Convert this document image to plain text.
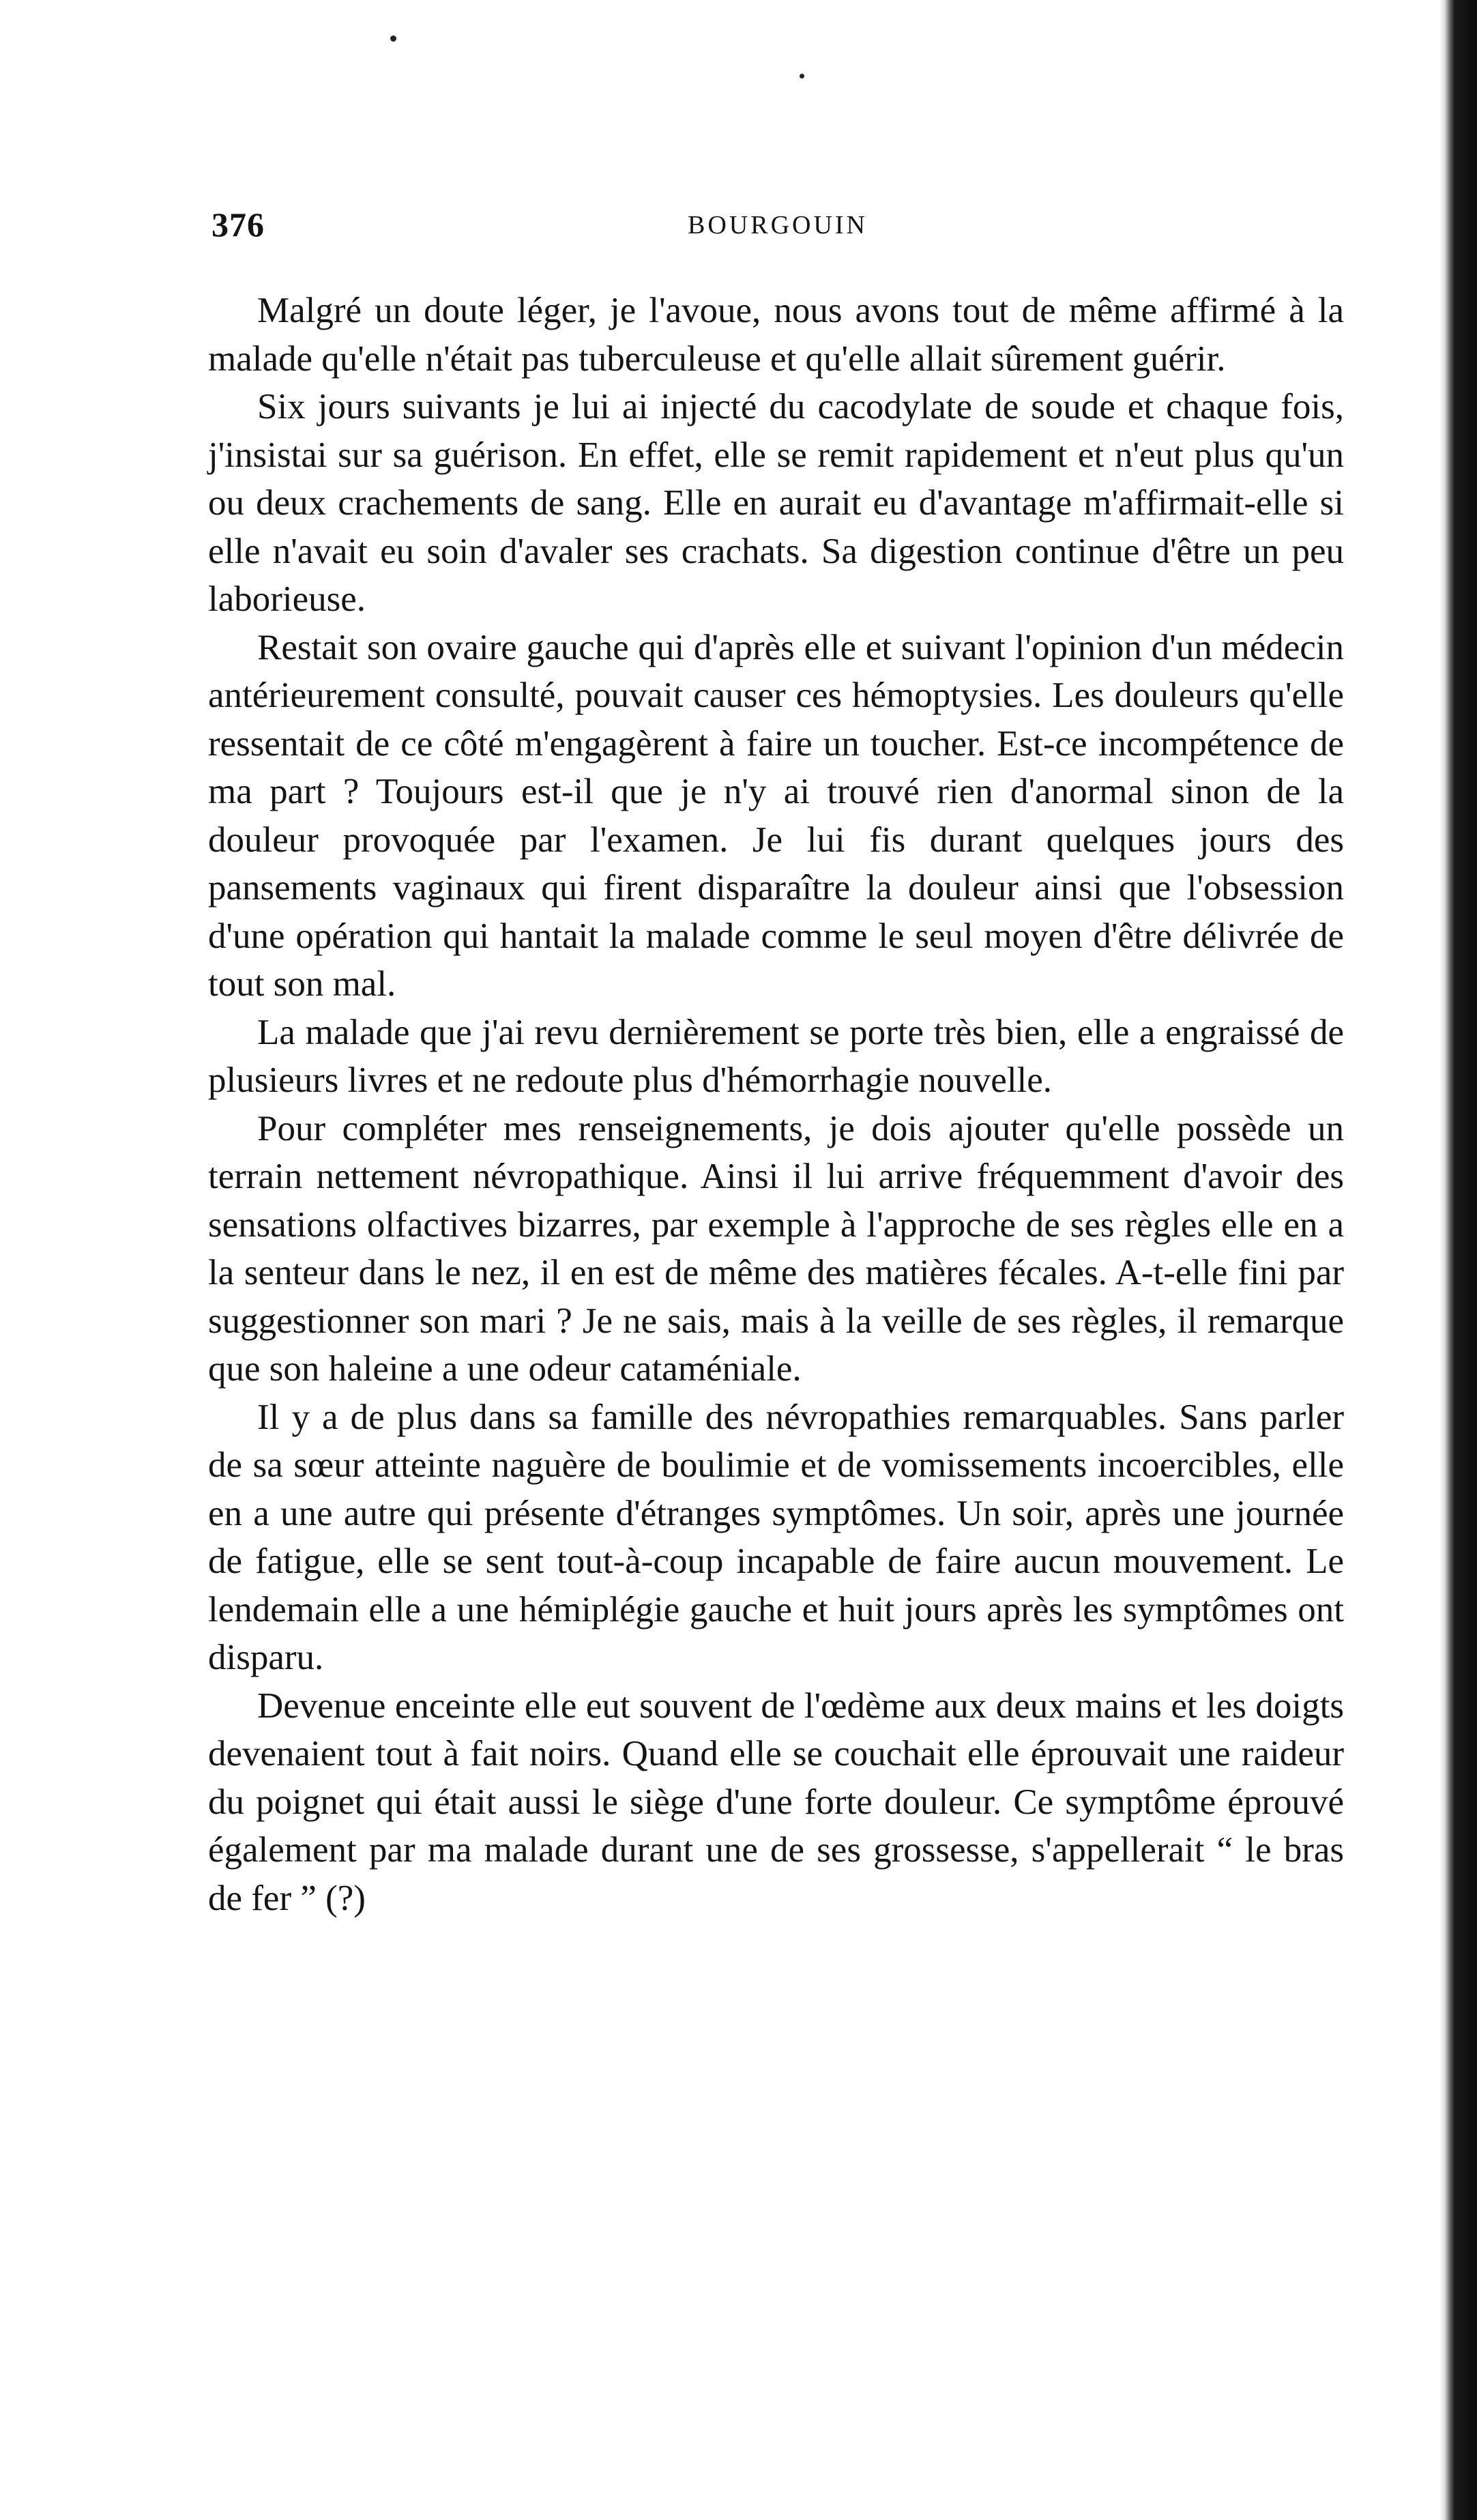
376	BOURGOUIN

Malgré un doute léger, je l'avoue, nous avons tout de même affirmé à la malade qu'elle n'était pas tuberculeuse et qu'elle allait sûrement guérir.

Six jours suivants je lui ai injecté du cacodylate de soude et chaque fois, j'insistai sur sa guérison. En effet, elle se remit rapidement et n'eut plus qu'un ou deux crachements de sang. Elle en aurait eu d'avantage m'affirmait-elle si elle n'avait eu soin d'avaler ses crachats. Sa digestion continue d'être un peu laborieuse.

Restait son ovaire gauche qui d'après elle et suivant l'opinion d'un médecin antérieurement consulté, pouvait causer ces hémoptysies. Les douleurs qu'elle ressentait de ce côté m'engagèrent à faire un toucher. Est-ce incompétence de ma part ? Toujours est-il que je n'y ai trouvé rien d'anormal sinon de la douleur provoquée par l'examen. Je lui fis durant quelques jours des pansements vaginaux qui firent disparaître la douleur ainsi que l'obsession d'une opération qui hantait la malade comme le seul moyen d'être délivrée de tout son mal.

La malade que j'ai revu dernièrement se porte très bien, elle a engraissé de plusieurs livres et ne redoute plus d'hémorrhagie nouvelle.

Pour compléter mes renseignements, je dois ajouter qu'elle possède un terrain nettement névropathique. Ainsi il lui arrive fréquemment d'avoir des sensations olfactives bizarres, par exemple à l'approche de ses règles elle en a la senteur dans le nez, il en est de même des matières fécales. A-t-elle fini par suggestionner son mari ? Je ne sais, mais à la veille de ses règles, il remarque que son haleine a une odeur cataméniale.

Il y a de plus dans sa famille des névropathies remarquables. Sans parler de sa sœur atteinte naguère de boulimie et de vomissements incoercibles, elle en a une autre qui présente d'étranges symptômes. Un soir, après une journée de fatigue, elle se sent tout-à-coup incapable de faire aucun mouvement. Le lendemain elle a une hémiplégie gauche et huit jours après les symptômes ont disparu.

Devenue enceinte elle eut souvent de l'œdème aux deux mains et les doigts devenaient tout à fait noirs. Quand elle se couchait elle éprouvait une raideur du poignet qui était aussi le siège d'une forte douleur. Ce symptôme éprouvé également par ma malade durant une de ses grossesse, s'appellerait “ le bras de fer ” (?)
